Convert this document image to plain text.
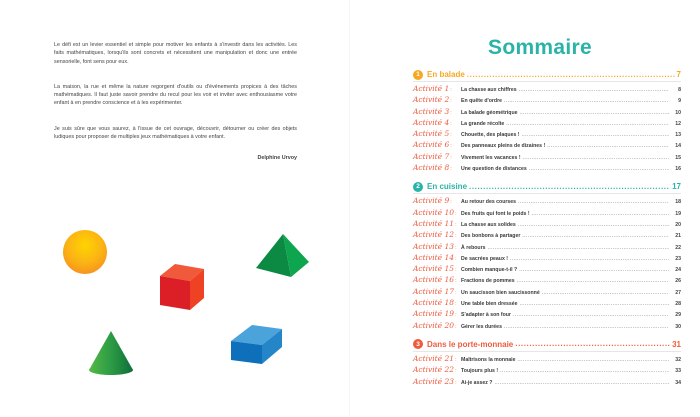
Le défi est un levier essentiel et simple pour motiver les enfants à s'investir dans les activités. Les faits mathématiques, lorsqu'ils sont concrets et nécessitent une manipulation et donc une entrée sensorielle, font sens pour eux.

La maison, la rue et même la nature regorgent d'outils ou d'événements propices à des tâches mathématiques. Il faut juste savoir prendre du recul pour les voir et inviter avec enthousiasme votre enfant à en prendre conscience et à les expérimenter.

Je suis sûre que vous saurez, à l'issue de cet ouvrage, découvrir, détourner ou créer des objets ludiques pour proposer de multiples jeux mathématiques à votre enfant.

Delphine Urvoy
Sommaire
1 En balade .....	7
Activité 1:	La chasse aux chiffres .....	8
Activité 2:	En quête d'ordre .....	9
Activité 3:	La balade géométrique .....	10
Activité 4:	La grande récolte .....	12
Activité 5:	Chouette, des plaques ! .....	13
Activité 6:	Des panneaux pleins de dizaines ! .....	14
Activité 7:	Vivement les vacances ! .....	15
Activité 8:	Une question de distances .....	16
2 En cuisine .....	17
Activité 9:	Au retour des courses .....	18
Activité 10: Des fruits qui font le poids ! .....	19
Activité 11: La chasse aux solides .....	20
Activité 12: Des bonbons à partager .....	21
Activité 13: À rebours .....	22
Activité 14: De sacrées peaux ! .....	23
Activité 15: Combien manque-t-il ? .....	24
Activité 16: Fractions de pommes .....	26
Activité 17: Un saucisson bien saucissonné .....	27
Activité 18: Une table bien dressée .....	28
Activité 19: S'adapter à son four .....	29
Activité 20: Gérer les durées .....	30
3 Dans le porte-monnaie .....	31
Activité 21: Maîtrisons la monnaie .....	32
Activité 22: Toujours plus ! .....	33
Activité 23: Ai-je assez ? .....	34
